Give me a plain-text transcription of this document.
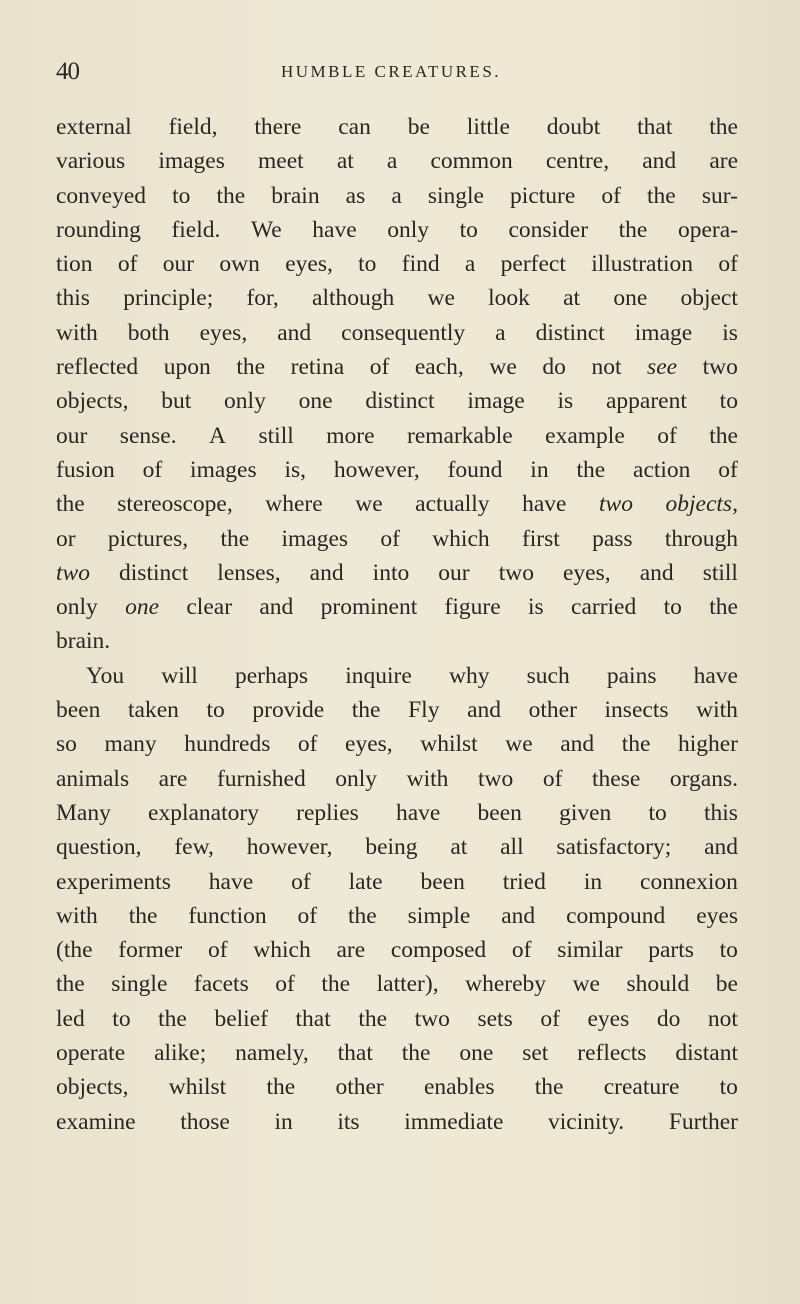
40	HUMBLE CREATURES.
external field, there can be little doubt that the
various images meet at a common centre, and are
conveyed to the brain as a single picture of the sur-
rounding field. We have only to consider the opera-
tion of our own eyes, to find a perfect illustration of
this principle; for, although we look at one object
with both eyes, and consequently a distinct image is
reflected upon the retina of each, we do not see two
objects, but only one distinct image is apparent to
our sense. A still more remarkable example of the
fusion of images is, however, found in the action of
the stereoscope, where we actually have two objects,
or pictures, the images of which first pass through
two distinct lenses, and into our two eyes, and still
only one clear and prominent figure is carried to the
brain.
You will perhaps inquire why such pains have
been taken to provide the Fly and other insects with
so many hundreds of eyes, whilst we and the higher
animals are furnished only with two of these organs.
Many explanatory replies have been given to this
question, few, however, being at all satisfactory; and
experiments have of late been tried in connexion
with the function of the simple and compound eyes
(the former of which are composed of similar parts to
the single facets of the latter), whereby we should be
led to the belief that the two sets of eyes do not
operate alike; namely, that the one set reflects distant
objects, whilst the other enables the creature to
examine those in its immediate vicinity. Further
